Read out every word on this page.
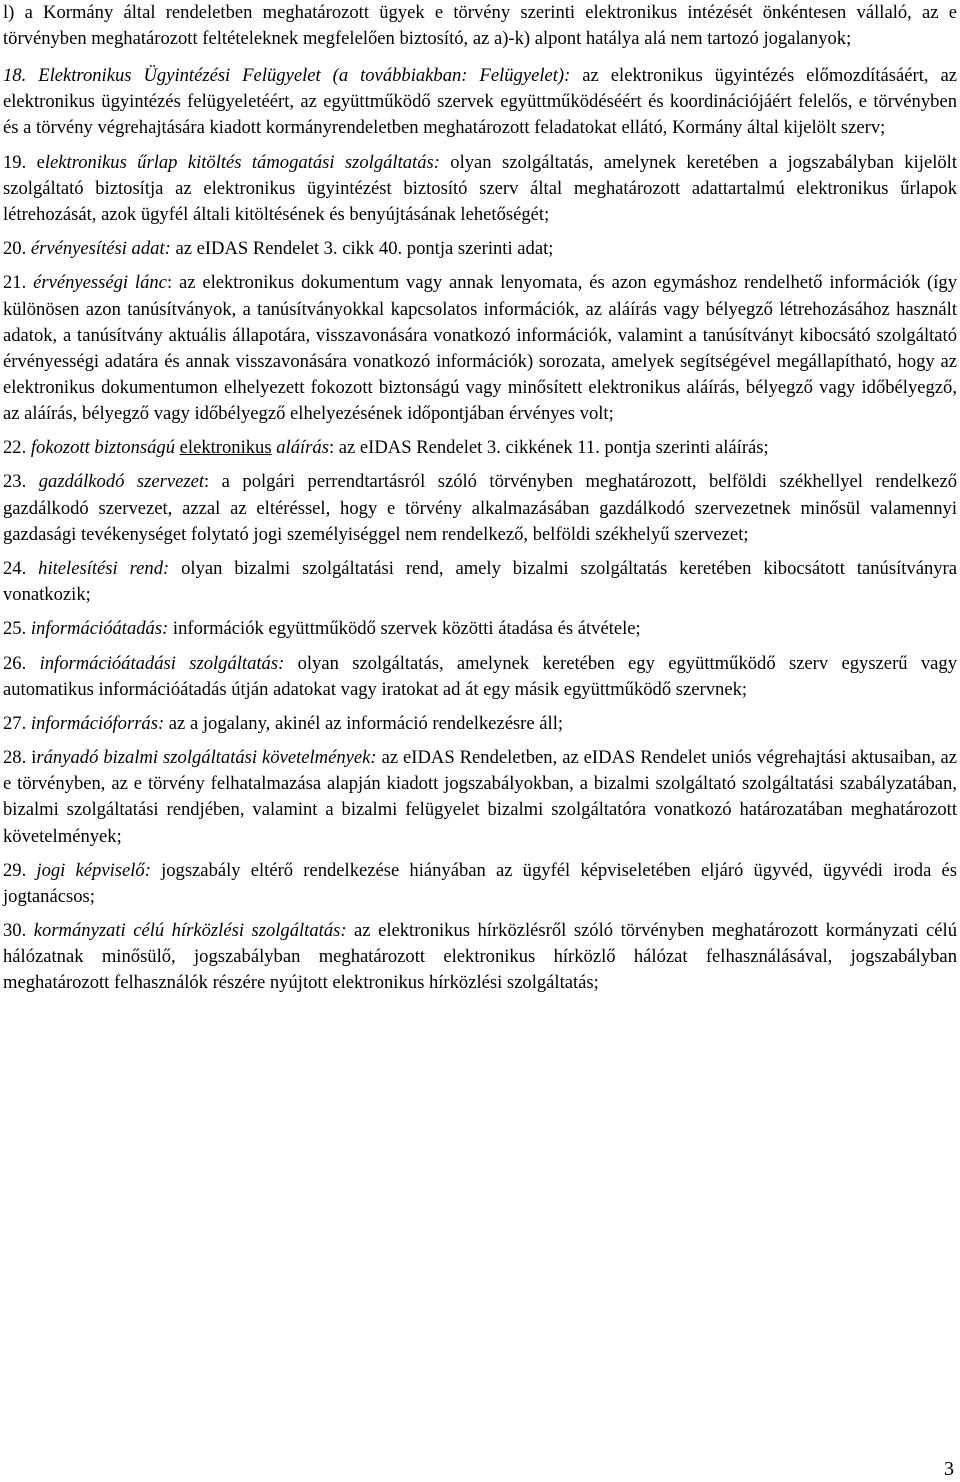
l) a Kormány által rendeletben meghatározott ügyek e törvény szerinti elektronikus intézését önkéntesen vállaló, az e törvényben meghatározott feltételeknek megfelelően biztosító, az a)-k) alpont hatálya alá nem tartozó jogalanyok;

18. Elektronikus Ügyintézési Felügyelet (a továbbiakban: Felügyelet): az elektronikus ügyintézés előmozdításáért, az elektronikus ügyintézés felügyeletéért, az együttműködő szervek együttműködéséért és koordinációjáért felelős, e törvényben és a törvény végrehajtására kiadott kormányrendeletben meghatározott feladatokat ellátó, Kormány által kijelölt szerv;

19. elektronikus űrlap kitöltés támogatási szolgáltatás: olyan szolgáltatás, amelynek keretében a jogszabályban kijelölt szolgáltató biztosítja az elektronikus ügyintézést biztosító szerv által meghatározott adattartalmú elektronikus űrlapok létrehozását, azok ügyfél általi kitöltésének és benyújtásának lehetőségét;

20. érvényesítési adat: az eIDAS Rendelet 3. cikk 40. pontja szerinti adat;

21. érvényességi lánc: az elektronikus dokumentum vagy annak lenyomata, és azon egymáshoz rendelhető információk (így különösen azon tanúsítványok, a tanúsítványokkal kapcsolatos információk, az aláírás vagy bélyegző létrehozásához használt adatok, a tanúsítvány aktuális állapotára, visszavonására vonatkozó információk, valamint a tanúsítványt kibocsátó szolgáltató érvényességi adatára és annak visszavonására vonatkozó információk) sorozata, amelyek segítségével megállapítható, hogy az elektronikus dokumentumon elhelyezett fokozott biztonságú vagy minősített elektronikus aláírás, bélyegző vagy időbélyegző, az aláírás, bélyegző vagy időbélyegző elhelyezésének időpontjában érvényes volt;

22. fokozott biztonságú elektronikus aláírás: az eIDAS Rendelet 3. cikkének 11. pontja szerinti aláírás;

23. gazdálkodó szervezet: a polgári perrendtartásról szóló törvényben meghatározott, belföldi székhellyel rendelkező gazdálkodó szervezet, azzal az eltéréssel, hogy e törvény alkalmazásában gazdálkodó szervezetnek minősül valamennyi gazdasági tevékenységet folytató jogi személyiséggel nem rendelkező, belföldi székhelyű szervezet;

24. hitelesítési rend: olyan bizalmi szolgáltatási rend, amely bizalmi szolgáltatás keretében kibocsátott tanúsítványra vonatkozik;

25. információátadás: információk együttműködő szervek közötti átadása és átvétele;

26. információátadási szolgáltatás: olyan szolgáltatás, amelynek keretében egy együttműködő szerv egyszerű vagy automatikus információátadás útján adatokat vagy iratokat ad át egy másik együttműködő szervnek;

27. információforrás: az a jogalany, akinél az információ rendelkezésre áll;

28. irányadó bizalmi szolgáltatási követelmények: az eIDAS Rendeletben, az eIDAS Rendelet uniós végrehajtási aktusaiban, az e törvényben, az e törvény felhatalmazása alapján kiadott jogszabályokban, a bizalmi szolgáltató szolgáltatási szabályzatában, bizalmi szolgáltatási rendjében, valamint a bizalmi felügyelet bizalmi szolgáltatóra vonatkozó határozatában meghatározott követelmények;

29. jogi képviselő: jogszabály eltérő rendelkezése hiányában az ügyfél képviseletében eljáró ügyvéd, ügyvédi iroda és jogtanácsos;

30. kormányzati célú hírközlési szolgáltatás: az elektronikus hírközlésről szóló törvényben meghatározott kormányzati célú hálózatnak minősülő, jogszabályban meghatározott elektronikus hírközlő hálózat felhasználásával, jogszabályban meghatározott felhasználók részére nyújtott elektronikus hírközlési szolgáltatás;

3
